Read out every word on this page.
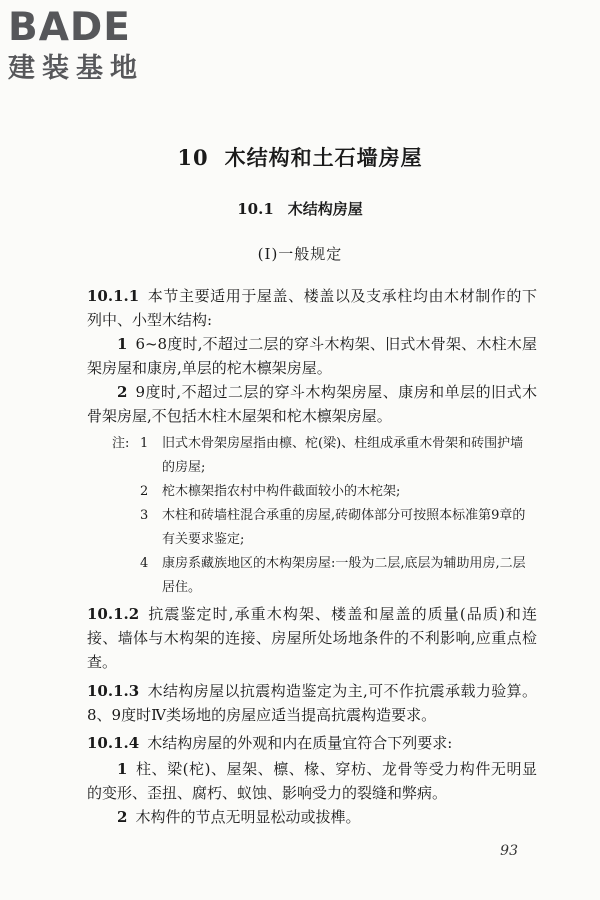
BADE
建装基地
10 木结构和土石墙房屋
10.1 木结构房屋
(Ⅰ)一般规定
10.1.1 本节主要适用于屋盖、楼盖以及支承柱均由木材制作的下列中、小型木结构:
1 6~8度时,不超过二层的穿斗木构架、旧式木骨架、木柱木屋架房屋和康房,单层的柁木檩架房屋。
2 9度时,不超过二层的穿斗木构架房屋、康房和单层的旧式木骨架房屋,不包括木柱木屋架和柁木檩架房屋。
注: 1	旧式木骨架房屋指由檩、柁(梁)、柱组成承重木骨架和砖围护墙的房屋;
2	柁木檩架指农村中构件截面较小的木柁架;
3	木柱和砖墙柱混合承重的房屋,砖砌体部分可按照本标准第9章的有关要求鉴定;
4	康房系藏族地区的木构架房屋:一般为二层,底层为辅助用房,二层居住。
10.1.2 抗震鉴定时,承重木构架、楼盖和屋盖的质量(品质)和连接、墙体与木构架的连接、房屋所处场地条件的不利影响,应重点检查。
10.1.3 木结构房屋以抗震构造鉴定为主,可不作抗震承载力验算。8、9度时Ⅳ类场地的房屋应适当提高抗震构造要求。
10.1.4 木结构房屋的外观和内在质量宜符合下列要求:
1 柱、梁(柁)、屋架、檩、椽、穿枋、龙骨等受力构件无明显的变形、歪扭、腐朽、蚁蚀、影响受力的裂缝和弊病。
2 木构件的节点无明显松动或拔榫。
93
